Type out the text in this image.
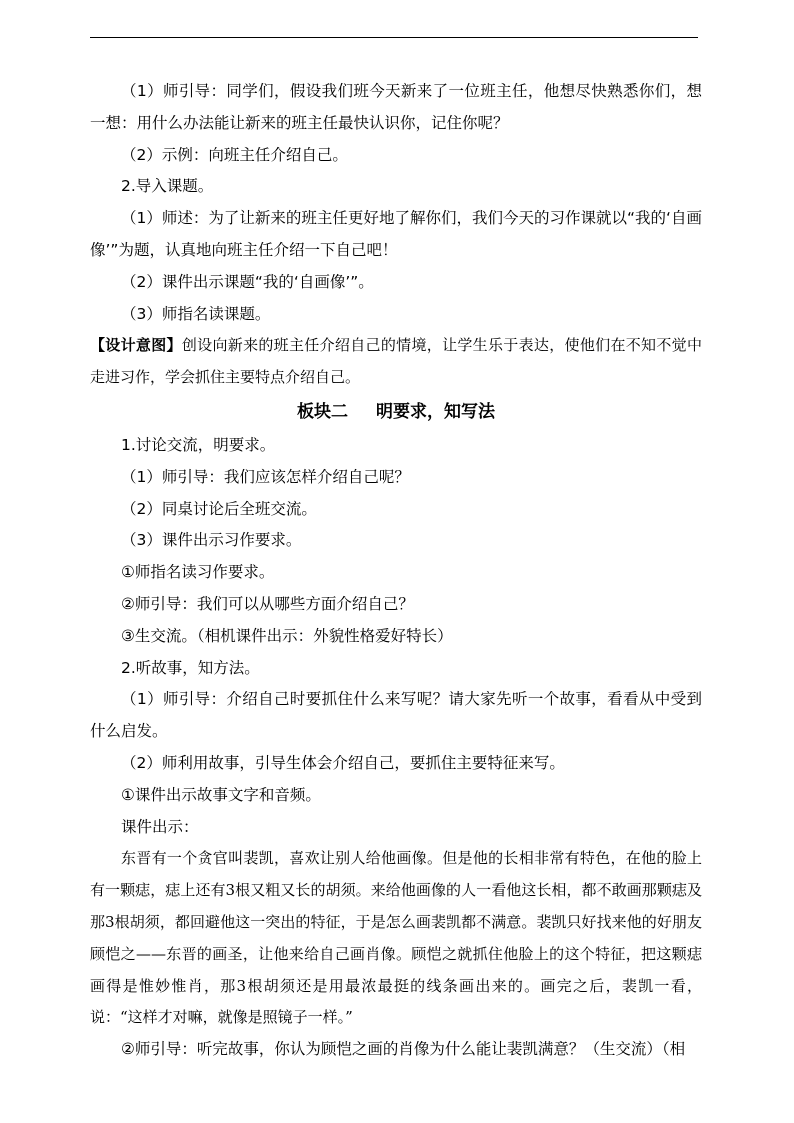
（1）师引导：同学们，假设我们班今天新来了一位班主任，他想尽快熟悉你们，想一想：用什么办法能让新来的班主任最快认识你，记住你呢？

（2）示例：向班主任介绍自己。

2.导入课题。

（1）师述：为了让新来的班主任更好地了解你们，我们今天的习作课就以“我的‘自画像’”为题，认真地向班主任介绍一下自己吧！

（2）课件出示课题“我的‘自画像’”。

（3）师指名读课题。

【设计意图】创设向新来的班主任介绍自己的情境，让学生乐于表达，使他们在不知不觉中走进习作，学会抓住主要特点介绍自己。

板块二 明要求，知写法

1.讨论交流，明要求。

（1）师引导：我们应该怎样介绍自己呢？

（2）同桌讨论后全班交流。

（3）课件出示习作要求。

①师指名读习作要求。

②师引导：我们可以从哪些方面介绍自己？

③生交流。（相机课件出示：外貌性格爱好特长）

2.听故事，知方法。

（1）师引导：介绍自己时要抓住什么来写呢？请大家先听一个故事，看看从中受到什么启发。

（2）师利用故事，引导生体会介绍自己，要抓住主要特征来写。

①课件出示故事文字和音频。

课件出示：

东晋有一个贪官叫裴凯，喜欢让别人给他画像。但是他的长相非常有特色，在他的脸上有一颗痣，痣上还有3根又粗又长的胡须。来给他画像的人一看他这长相，都不敢画那颗痣及那3根胡须，都回避他这一突出的特征，于是怎么画裴凯都不满意。裴凯只好找来他的好朋友顾恺之——东晋的画圣，让他来给自己画肖像。顾恺之就抓住他脸上的这个特征，把这颗痣画得是惟妙惟肖，那3根胡须还是用最浓最挺的线条画出来的。画完之后，裴凯一看，说：“这样才对嘛，就像是照镜子一样。”

②师引导：听完故事，你认为顾恺之画的肖像为什么能让裴凯满意？（生交流）（相
